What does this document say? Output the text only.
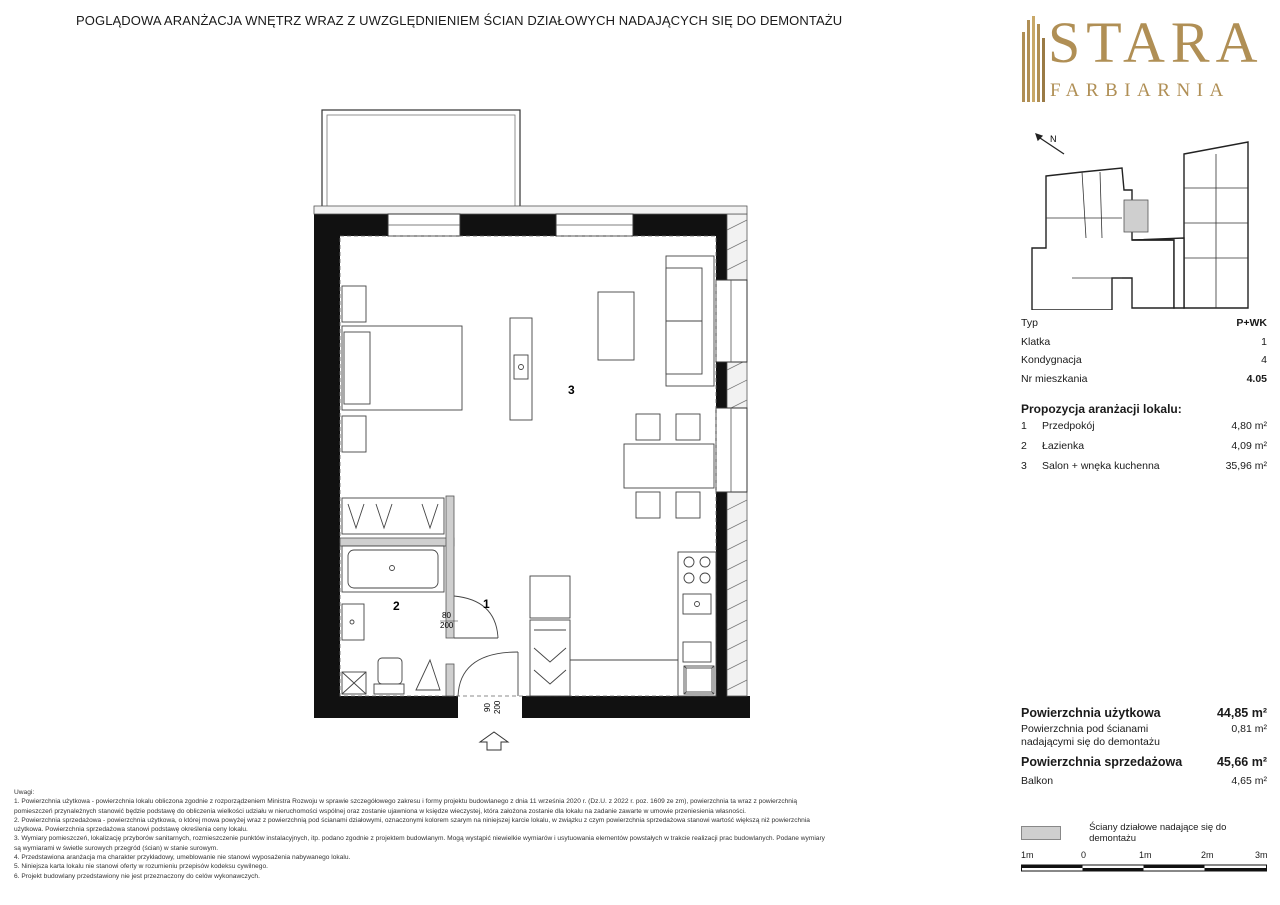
POGLĄDOWA ARANŻACJA WNĘTRZ WRAZ Z UWZGLĘDNIENIEM ŚCIAN DZIAŁOWYCH NADAJĄCYCH SIĘ DO DEMONTAŻU	STARA
FARBIARNIA
N
Typ	P+WK
Klatka	1
Kondygnacja	4
Nr mieszkania	4.05
Propozycja aranżacji lokalu:
1	Przedpokój	4,80 m²
2	Łazienka	4,09 m²
3	Salon + wnęka kuchenna	35,96 m²
Powierzchnia użytkowa	44,85 m²
Powierzchnia pod ścianami
nadającymi się do demontażu
0,81 m²
Powierzchnia sprzedażowa	45,66 m²
Balkon	4,65 m²
Ściany działowe nadające się do demontażu
1m	0	1m	2m	3m
Uwagi:
1. Powierzchnia użytkowa - powierzchnia lokalu obliczona zgodnie z rozporządzeniem Ministra Rozwoju w sprawie szczegółowego zakresu i formy projektu budowlanego z dnia 11 września 2020 r. (Dz.U. z 2022 r. poz. 1609 ze zm), powierzchnia ta wraz z powierzchnią
pomieszczeń przynależnych stanowić będzie podstawę do obliczenia wielkości udziału w nieruchomości wspólnej oraz zostanie ujawniona w księdze wieczystej, która założona zostanie dla lokalu na zadanie zawarte w umowie przeniesienia własności.
2. Powierzchnia sprzedażowa - powierzchnia użytkowa, o której mowa powyżej wraz z powierzchnią pod ścianami działowymi, oznaczonymi kolorem szarym na niniejszej karcie lokalu, w związku z czym powierzchnia sprzedażowa stanowi wartość większą niż powierzchnia
użytkowa. Powierzchnia sprzedażowa stanowi podstawę określenia ceny lokalu.
3. Wymiary pomieszczeń, lokalizację przyborów sanitarnych, rozmieszczenie punktów instalacyjnych, itp. podano zgodnie z projektem budowlanym. Mogą wystąpić niewielkie wymiarów i usytuowania elementów powstałych w trakcie realizacji prac budowlanych. Podane wymiary
są wymiarami w świetle surowych przegród (ścian) w stanie surowym.
4. Przedstawiona aranżacja ma charakter przykładowy, umeblowanie nie stanowi wyposażenia nabywanego lokalu.
5. Niniejsza karta lokalu nie stanowi oferty w rozumieniu przepisów kodeksu cywilnego.
6. Projekt budowlany przedstawiony nie jest przeznaczony do celów wykonawczych.
3
2	1
80
200
90 200
